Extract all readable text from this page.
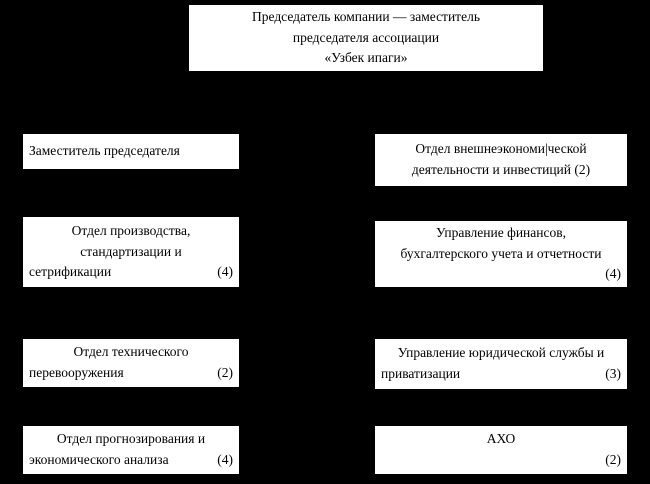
Председатель компании — заместитель
председателя ассоциации
«Узбек ипаги»
Заместитель председателя
Отдел производства,
стандартизации и
сетрификации	(4)
Отдел технического
перевооружения	(2)
Отдел прогнозирования и
экономического анализа	(4)
Отдел внешнеэкономи|ческой
деятельности и инвестиций (2)
Управление финансов,
бухгалтерского учета и отчетности
(4)
Управление юридической службы и
приватизации	(3)
АХО
(2)
